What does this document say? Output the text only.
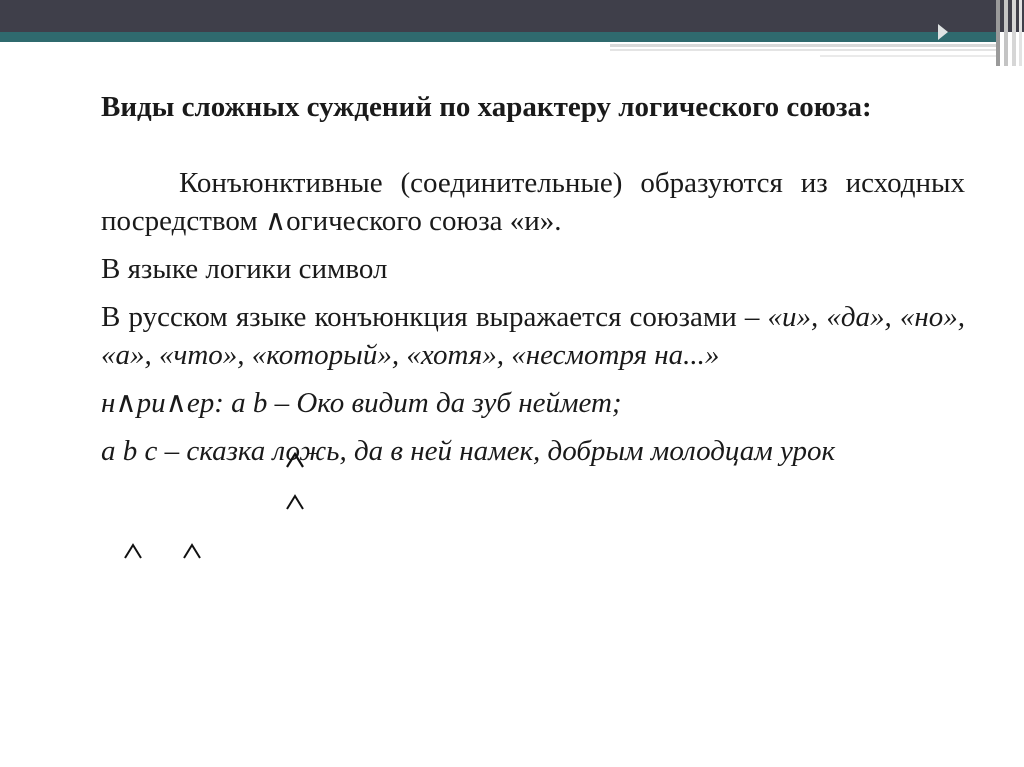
Виды сложных суждений по характеру логического союза:

Конъюнктивные (соединительные) образуются из исходных посредством ∧огического союза «и».

В языке логики символ

В русском языке конъюнкция выражается союзами – «и», «да», «но», «а», «что», «который», «хотя», «несмотря на...»

н∧ри∧ер: a b – Око видит да зуб неймет;

a b c – сказка ложь, да в ней намек, добрым молодцам урок
